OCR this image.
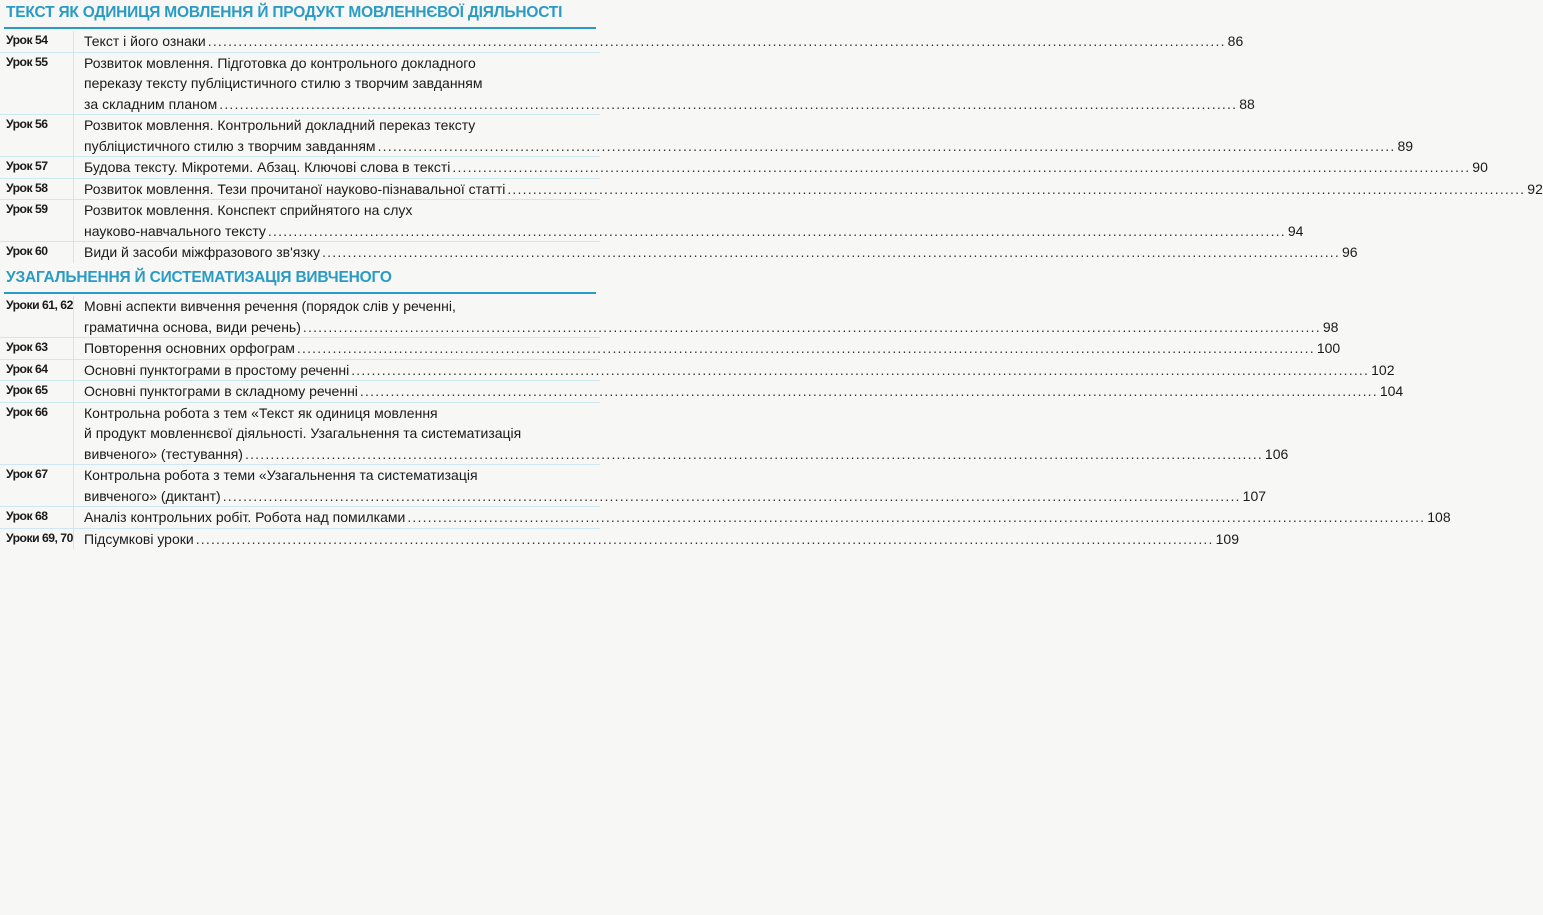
ТЕКСТ ЯК ОДИНИЦЯ МОВЛЕННЯ Й ПРОДУКТ МОВЛЕННЄВОЇ ДІЯЛЬНОСТІ
Урок 54	Текст і його ознаки ........................................................................................................................................................................................................ 86
Урок 55	Розвиток мовлення. Підготовка до контрольного докладного
переказу тексту публіцистичного стилю з творчим завданням
за складним планом ........................................................................................................................................................................................................ 88
Урок 56	Розвиток мовлення. Контрольний докладний переказ тексту
публіцистичного стилю з творчим завданням ........................................................................................................................................................................................................ 89
Урок 57	Будова тексту. Мікротеми. Абзац. Ключові слова в тексті ........................................................................................................................................................................................................ 90
Урок 58	Розвиток мовлення. Тези прочитаної науково-пізнавальної статті ........................................................................................................................................................................................................ 92
Урок 59	Розвиток мовлення. Конспект сприйнятого на слух
науково-навчального тексту ........................................................................................................................................................................................................ 94
Урок 60	Види й засоби міжфразового зв'язку ........................................................................................................................................................................................................ 96
УЗАГАЛЬНЕННЯ Й СИСТЕМАТИЗАЦІЯ ВИВЧЕНОГО
Уроки 61, 62 Мовні аспекти вивчення речення (порядок слів у реченні,
граматична основа, види речень) ........................................................................................................................................................................................................ 98
Урок 63	Повторення основних орфограм ........................................................................................................................................................................................................ 100
Урок 64	Основні пунктограми в простому реченні ........................................................................................................................................................................................................ 102
Урок 65	Основні пунктограми в складному реченні ........................................................................................................................................................................................................ 104
Урок 66	Контрольна робота з тем «Текст як одиниця мовлення
й продукт мовленнєвої діяльності. Узагальнення та систематизація
вивченого» (тестування) ........................................................................................................................................................................................................ 106
Урок 67	Контрольна робота з теми «Узагальнення та систематизація
вивченого» (диктант) ........................................................................................................................................................................................................ 107
Урок 68	Аналіз контрольних робіт. Робота над помилками ........................................................................................................................................................................................................ 108
Уроки 69, 70 Підсумкові уроки ........................................................................................................................................................................................................ 109
